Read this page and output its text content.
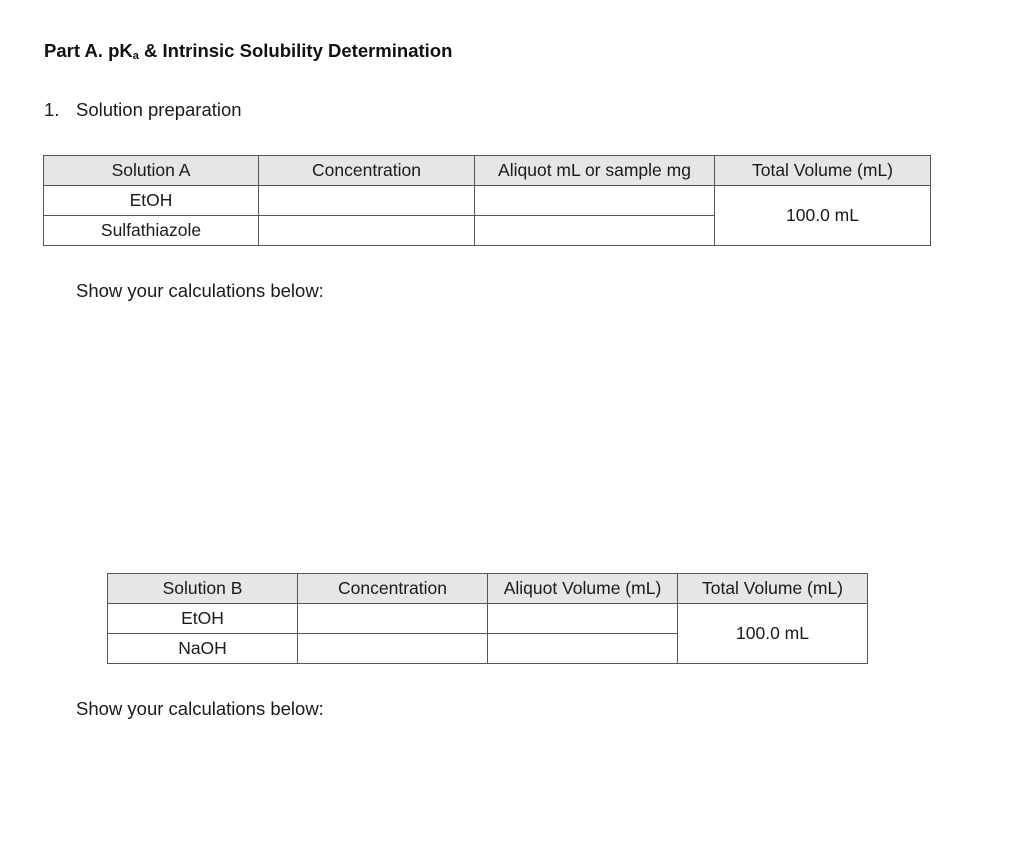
Part A. $pK_a$ & Intrinsic Solubility Determination
1. Solution preparation
Solution A	Concentration	Aliquot mL or sample mg	Total Volume (mL)
EtOH			100.0 mL
Sulfathiazole			
Show your calculations below:
Solution B	Concentration	Aliquot Volume (mL)	Total Volume (mL)
EtOH			100.0 mL
NaOH			
Show your calculations below:
